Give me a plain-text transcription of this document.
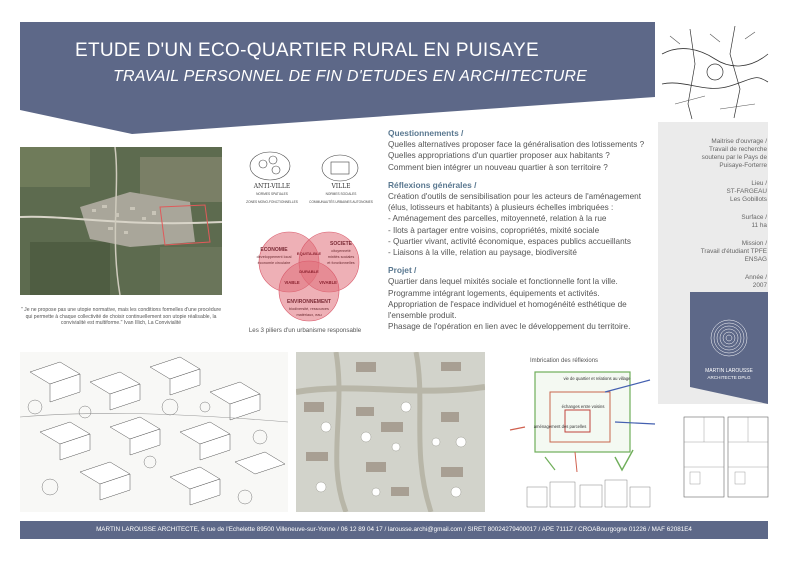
ETUDE D'UN ECO-QUARTIER RURAL EN PUISAYE
TRAVAIL PERSONNEL DE FIN D'ETUDES EN ARCHITECTURE
Maitrise d'ouvrage /
Travail de recherche
soutenu par le Pays de
Puisaye-Forterre
Lieu /
ST-FARGEAU
Les Gobillots
Surface /
11 ha
Mission /
Travail d'étudiant TPFE
ENSAG
Année /
2007
MARTIN LAROUSSE
ARCHITECTE DPLG
" Je ne propose pas une utopie normative, mais les conditions formelles d'une procédure qui permette à chaque collectivité de choisir continuellement son utopie réalisable, la convivialité est multiforme." Ivan Illich, La Convivialité
ANTI-VILLE
NORMES SPATIALES
ZONES MONO-FONCTIONNELLES
VILLE
NORMES SOCIALES
COMMUNAUTÉS URBAINES AUTONOMES
ECONOMIE
développement local
économie circulaire
SOCIETE
citoyenneté
mixités sociales
et fonctionnelles
ENVIRONNEMENT
biodiversité, ressources
matériaux, eau
EQUITA-BLE
DURABLE
VIABLE	VIVABLE
Les 3 piliers d'un urbanisme responsable
Questionnements /

Quelles alternatives proposer face la généralisation des lotissements ?

Quelles appropriations d'un quartier proposer aux habitants ?

Comment bien intégrer un nouveau quartier à son territoire ?

Réflexions générales /

Création d'outils de sensibilisation pour les acteurs de l'aménagement

(élus, lotisseurs et habitants) à plusieurs échelles imbriquées :

- Aménagement des parcelles, mitoyenneté, relation à la rue

- Ilots à partager entre voisins, copropriétés, mixité sociale

- Quartier vivant, activité économique, espaces publics accueillants

- Liaisons à la ville, relation au paysage, biodiversité

Projet /

Quartier dans lequel mixités sociale et fonctionnelle font la ville.

Programme intégrant logements, équipements et activités.

Appropriation de l'espace individuel et homogénéité esthétique de

l'ensemble produit.

Phasage de l'opération en lien avec le développement du territoire.

vie de quartier et relations au village
échanges entre voisins
aménagement des parcelles
Imbrication des réflexions
MARTIN LAROUSSE ARCHITECTE, 6 rue de l'Echelette 89500 Villeneuve-sur-Yonne / 06 12 89 04 17 / larousse.archi@gmail.com / SIRET 80024279400017 / APE 7111Z / CROABourgogne 01226 / MAF 62081E4
